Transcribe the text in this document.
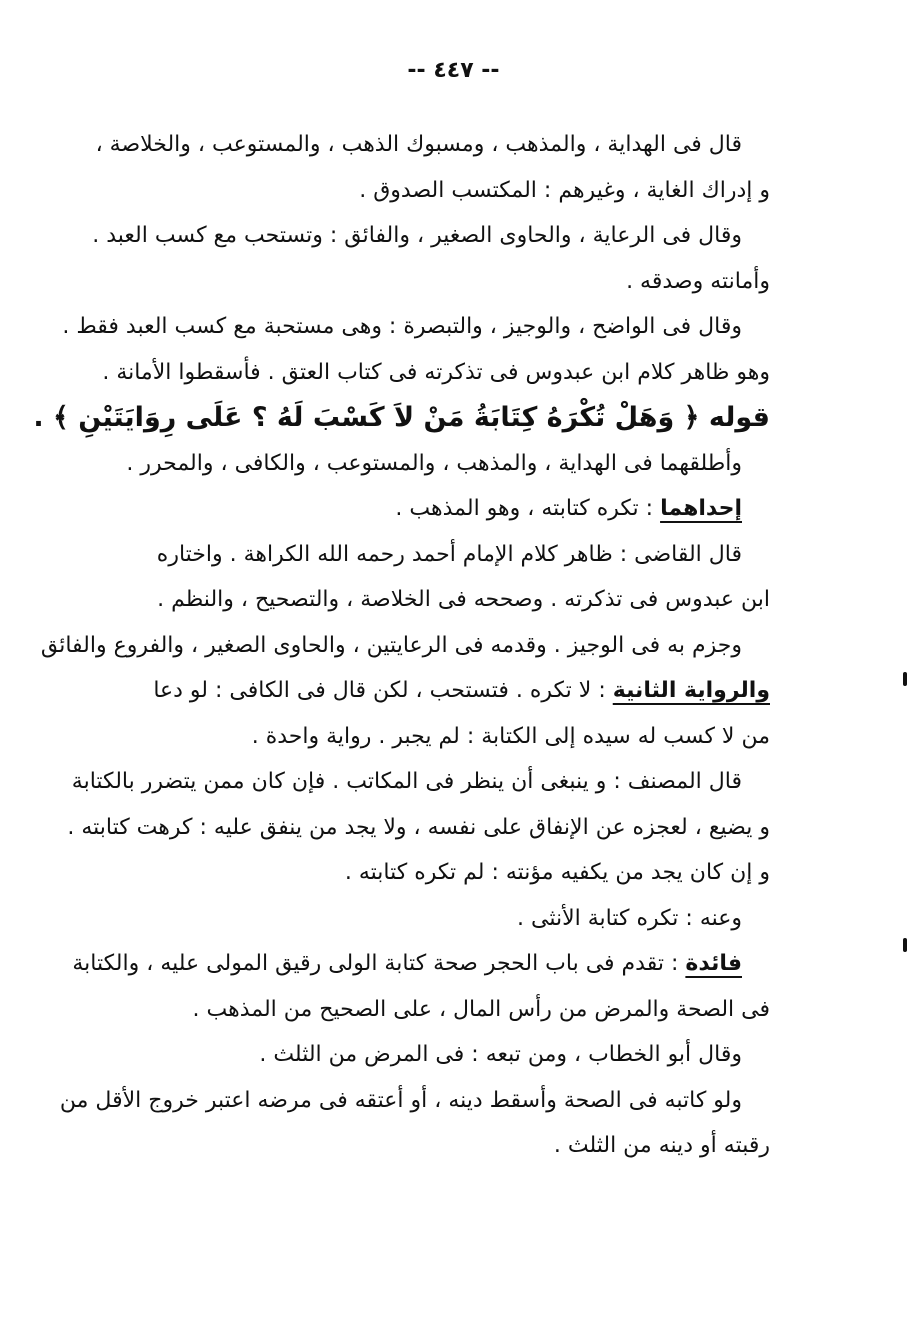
-- ٤٤٧ --
قال فى الهداية ، والمذهب ، ومسبوك الذهب ، والمستوعب ، والخلاصة ،
و إدراك الغاية ، وغيرهم : المكتسب الصدوق .
وقال فى الرعاية ، والحاوى الصغير ، والفائق : وتستحب مع كسب العبد .
وأمانته وصدقه .
وقال فى الواضح ، والوجيز ، والتبصرة : وهى مستحبة مع كسب العبد فقط .
وهو ظاهر كلام ابن عبدوس فى تذكرته فى كتاب العتق . فأسقطوا الأمانة .
قوله ﴿ وَهَلْ تُكْرَهُ كِتَابَةُ مَنْ لاَ كَسْبَ لَهُ ؟ عَلَى رِوَايَتَيْنِ ﴾ .
وأطلقهما فى الهداية ، والمذهب ، والمستوعب ، والكافى ، والمحرر .
إحداهما : تكره كتابته ، وهو المذهب .
قال القاضى : ظاهر كلام الإمام أحمد رحمه الله الكراهة . واختاره
ابن عبدوس فى تذكرته . وصححه فى الخلاصة ، والتصحيح ، والنظم .
وجزم به فى الوجيز . وقدمه فى الرعايتين ، والحاوى الصغير ، والفروع والفائق
والرواية الثانية : لا تكره . فتستحب ، لكن قال فى الكافى : لو دعا
من لا كسب له سيده إلى الكتابة : لم يجبر . رواية واحدة .
قال المصنف : و ينبغى أن ينظر فى المكاتب . فإن كان ممن يتضرر بالكتابة
و يضيع ، لعجزه عن الإنفاق على نفسه ، ولا يجد من ينفق عليه : كرهت كتابته .
و إن كان يجد من يكفيه مؤنته : لم تكره كتابته .
وعنه : تكره كتابة الأنثى .
فائدة : تقدم فى باب الحجر صحة كتابة الولى رقيق المولى عليه ، والكتابة
فى الصحة والمرض من رأس المال ، على الصحيح من المذهب .
وقال أبو الخطاب ، ومن تبعه : فى المرض من الثلث .
ولو كاتبه فى الصحة وأسقط دينه ، أو أعتقه فى مرضه اعتبر خروج الأقل من
رقبته أو دينه من الثلث .
